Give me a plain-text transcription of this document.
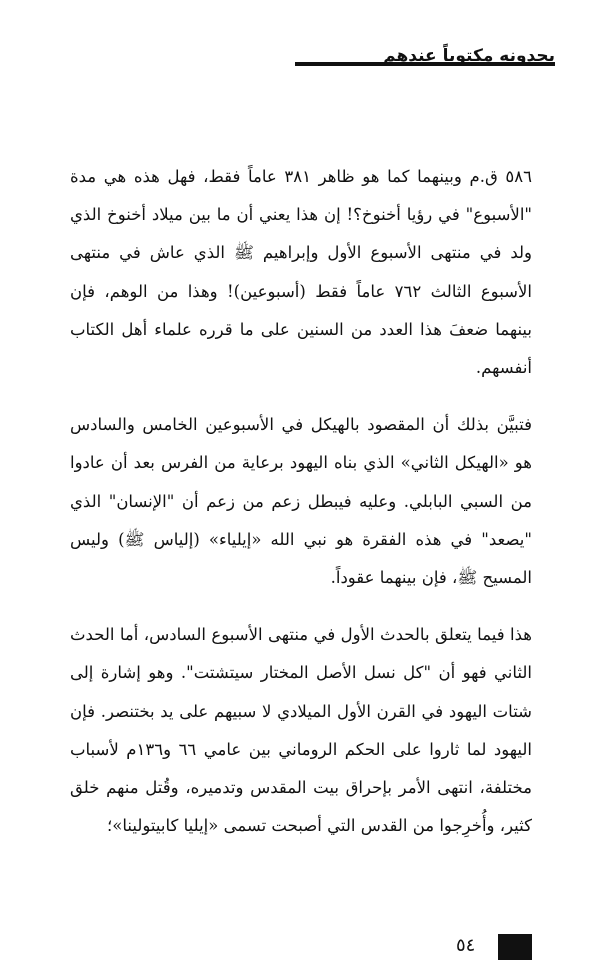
يجدونه مكتوباً عندهم

٥٨٦ ق.م وبينهما كما هو ظاهر ٣٨١ عاماً فقط، فهل هذه هي مدة "الأسبوع" في رؤيا أخنوخ؟! إن هذا يعني أن ما بين ميلاد أخنوخ الذي ولد في منتهى الأسبوع الأول وإبراهيم ﷺ الذي عاش في منتهى الأسبوع الثالث ٧٦٢ عاماً فقط (أسبوعين)! وهذا من الوهم، فإن بينهما ضعفَ هذا العدد من السنين على ما قرره علماء أهل الكتاب أنفسهم.

فتبيَّن بذلك أن المقصود بالهيكل في الأسبوعين الخامس والسادس هو «الهيكل الثاني» الذي بناه اليهود برعاية من الفرس بعد أن عادوا من السبي البابلي. وعليه فيبطل زعم من زعم أن "الإنسان" الذي "يصعد" في هذه الفقرة هو نبي الله «إيلياء» (إلياس ﷺ) وليس المسيح ﷺ، فإن بينهما عقوداً.

هذا فيما يتعلق بالحدث الأول في منتهى الأسبوع السادس، أما الحدث الثاني فهو أن "كل نسل الأصل المختار سيتشتت". وهو إشارة إلى شتات اليهود في القرن الأول الميلادي لا سبيهم على يد بختنصر. فإن اليهود لما ثاروا على الحكم الروماني بين عامي ٦٦ و١٣٦م لأسباب مختلفة، انتهى الأمر بإحراق بيت المقدس وتدميره، وقُتل منهم خلق كثير، وأُخرِجوا من القدس التي أصبحت تسمى «إيليا كابيتولينا»؛

٥٤
